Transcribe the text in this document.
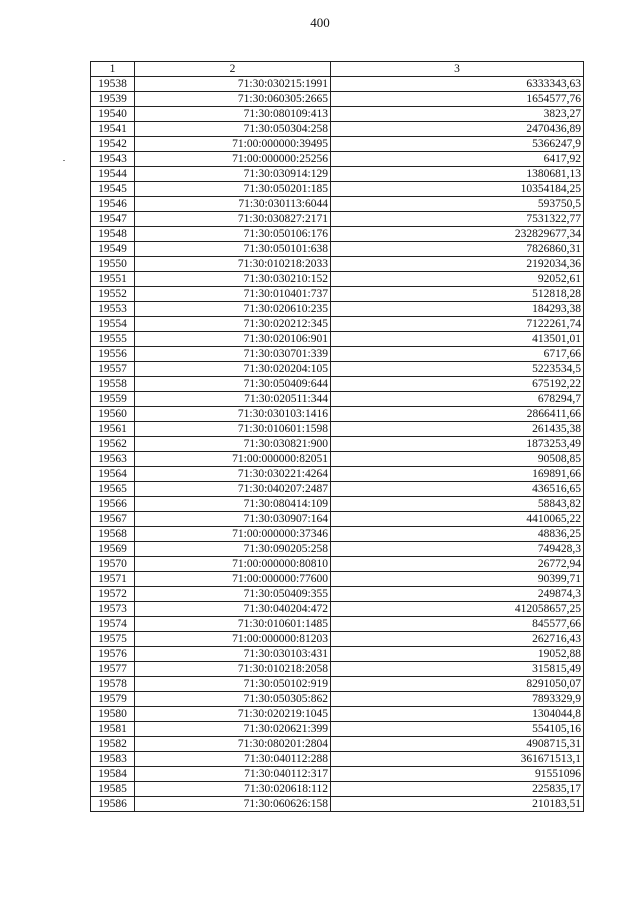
400
1	2	3
19538	71:30:030215:1991	6333343,63
19539	71:30:060305:2665	1654577,76
19540	71:30:080109:413	3823,27
19541	71:30:050304:258	2470436,89
19542	71:00:000000:39495	5366247,9
19543	71:00:000000:25256	6417,92
19544	71:30:030914:129	1380681,13
19545	71:30:050201:185	10354184,25
19546	71:30:030113:6044	593750,5
19547	71:30:030827:2171	7531322,77
19548	71:30:050106:176	232829677,34
19549	71:30:050101:638	7826860,31
19550	71:30:010218:2033	2192034,36
19551	71:30:030210:152	92052,61
19552	71:30:010401:737	512818,28
19553	71:30:020610:235	184293,38
19554	71:30:020212:345	7122261,74
19555	71:30:020106:901	413501,01
19556	71:30:030701:339	6717,66
19557	71:30:020204:105	5223534,5
19558	71:30:050409:644	675192,22
19559	71:30:020511:344	678294,7
19560	71:30:030103:1416	2866411,66
19561	71:30:010601:1598	261435,38
19562	71:30:030821:900	1873253,49
19563	71:00:000000:82051	90508,85
19564	71:30:030221:4264	169891,66
19565	71:30:040207:2487	436516,65
19566	71:30:080414:109	58843,82
19567	71:30:030907:164	4410065,22
19568	71:00:000000:37346	48836,25
19569	71:30:090205:258	749428,3
19570	71:00:000000:80810	26772,94
19571	71:00:000000:77600	90399,71
19572	71:30:050409:355	249874,3
19573	71:30:040204:472	412058657,25
19574	71:30:010601:1485	845577,66
19575	71:00:000000:81203	262716,43
19576	71:30:030103:431	19052,88
19577	71:30:010218:2058	315815,49
19578	71:30:050102:919	8291050,07
19579	71:30:050305:862	7893329,9
19580	71:30:020219:1045	1304044,8
19581	71:30:020621:399	554105,16
19582	71:30:080201:2804	4908715,31
19583	71:30:040112:288	361671513,1
19584	71:30:040112:317	91551096
19585	71:30:020618:112	225835,17
19586	71:30:060626:158	210183,51
